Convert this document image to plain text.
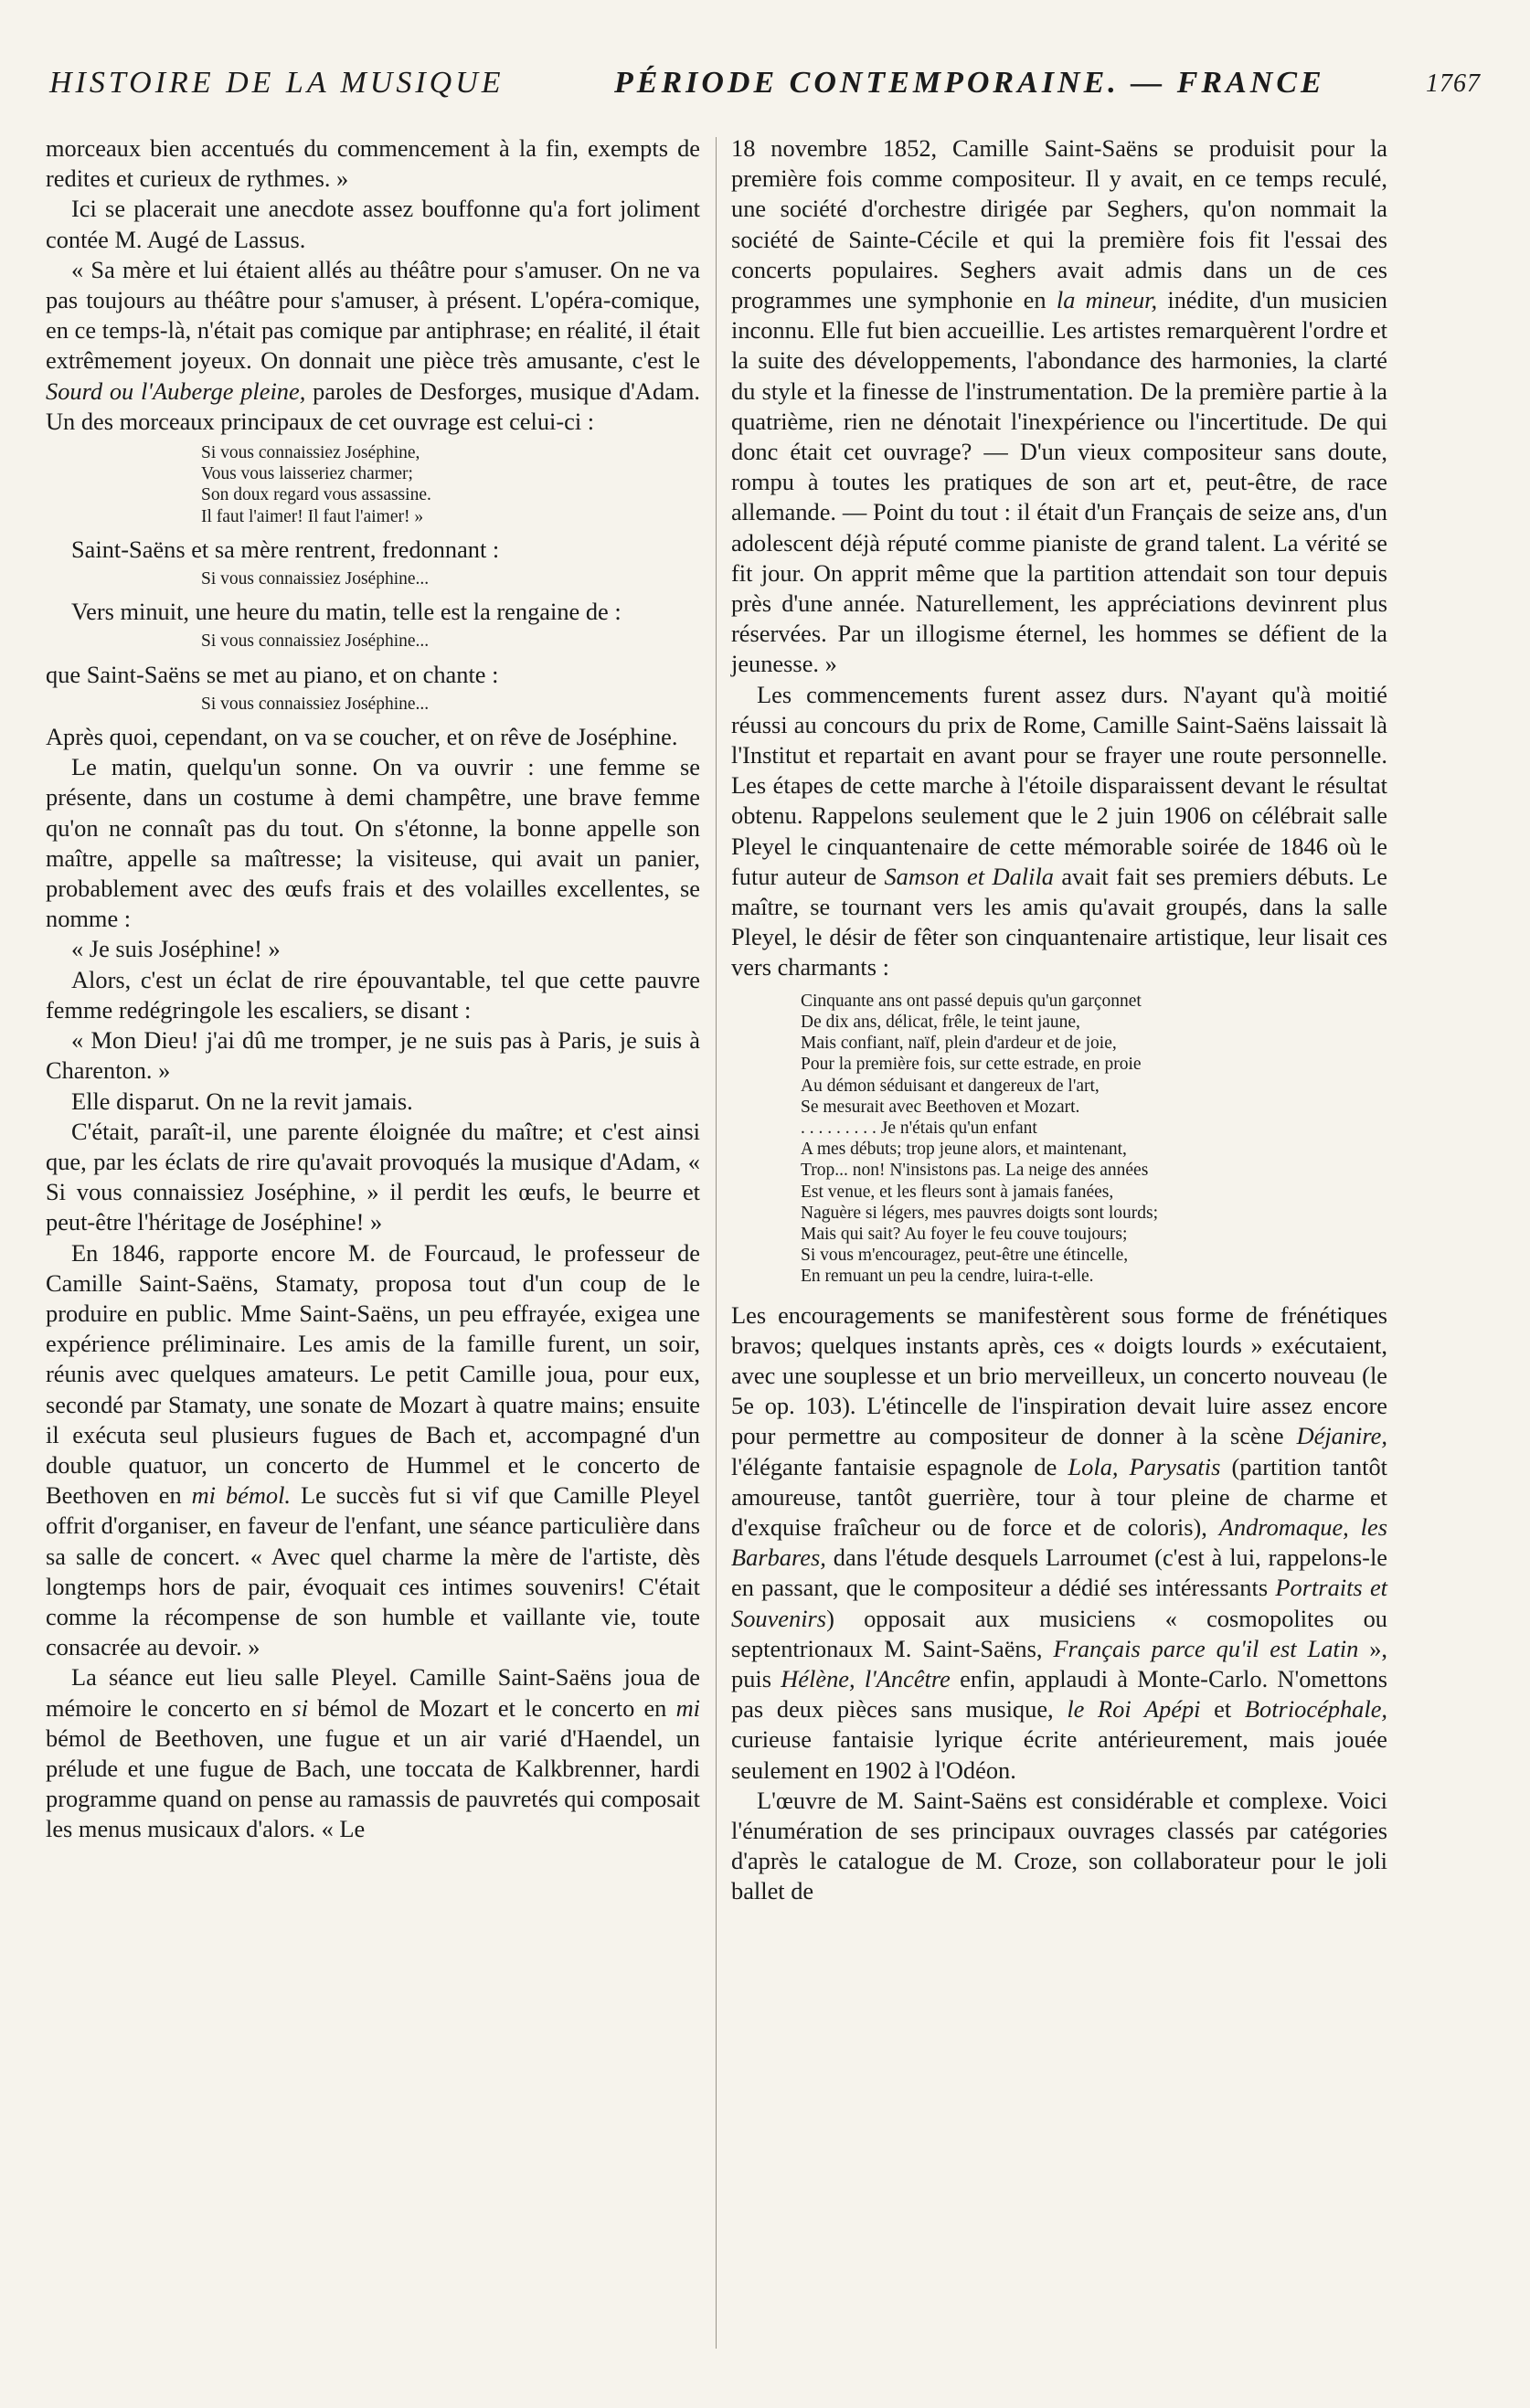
HISTOIRE DE LA MUSIQUE	PÉRIODE CONTEMPORAINE. — FRANCE	1767

morceaux bien accentués du commencement à la fin, exempts de redites et curieux de rythmes. »

Ici se placerait une anecdote assez bouffonne qu'a fort joliment contée M. Augé de Lassus.

« Sa mère et lui étaient allés au théâtre pour s'amuser. On ne va pas toujours au théâtre pour s'amuser, à présent. L'opéra-comique, en ce temps-là, n'était pas comique par antiphrase; en réalité, il était extrêmement joyeux. On donnait une pièce très amusante, c'est le Sourd ou l'Auberge pleine, paroles de Desforges, musique d'Adam. Un des morceaux principaux de cet ouvrage est celui-ci :

Si vous connaissiez Joséphine,
Vous vous laisseriez charmer;
Son doux regard vous assassine.
Il faut l'aimer! Il faut l'aimer! »

Saint-Saëns et sa mère rentrent, fredonnant :

Si vous connaissiez Joséphine...

Vers minuit, une heure du matin, telle est la rengaine de :

Si vous connaissiez Joséphine...

que Saint-Saëns se met au piano, et on chante :

Si vous connaissiez Joséphine...

Après quoi, cependant, on va se coucher, et on rêve de Joséphine.

Le matin, quelqu'un sonne. On va ouvrir : une femme se présente, dans un costume à demi champêtre, une brave femme qu'on ne connaît pas du tout. On s'étonne, la bonne appelle son maître, appelle sa maîtresse; la visiteuse, qui avait un panier, probablement avec des œufs frais et des volailles excellentes, se nomme :

« Je suis Joséphine! »

Alors, c'est un éclat de rire épouvantable, tel que cette pauvre femme redégringole les escaliers, se disant :

« Mon Dieu! j'ai dû me tromper, je ne suis pas à Paris, je suis à Charenton. »

Elle disparut. On ne la revit jamais.

C'était, paraît-il, une parente éloignée du maître; et c'est ainsi que, par les éclats de rire qu'avait provoqués la musique d'Adam, « Si vous connaissiez Joséphine, » il perdit les œufs, le beurre et peut-être l'héritage de Joséphine! »

En 1846, rapporte encore M. de Fourcaud, le professeur de Camille Saint-Saëns, Stamaty, proposa tout d'un coup de le produire en public. Mme Saint-Saëns, un peu effrayée, exigea une expérience préliminaire. Les amis de la famille furent, un soir, réunis avec quelques amateurs. Le petit Camille joua, pour eux, secondé par Stamaty, une sonate de Mozart à quatre mains; ensuite il exécuta seul plusieurs fugues de Bach et, accompagné d'un double quatuor, un concerto de Hummel et le concerto de Beethoven en mi bémol. Le succès fut si vif que Camille Pleyel offrit d'organiser, en faveur de l'enfant, une séance particulière dans sa salle de concert. « Avec quel charme la mère de l'artiste, dès longtemps hors de pair, évoquait ces intimes souvenirs! C'était comme la récompense de son humble et vaillante vie, toute consacrée au devoir. »

La séance eut lieu salle Pleyel. Camille Saint-Saëns joua de mémoire le concerto en si bémol de Mozart et le concerto en mi bémol de Beethoven, une fugue et un air varié d'Haendel, un prélude et une fugue de Bach, une toccata de Kalkbrenner, hardi programme quand on pense au ramassis de pauvretés qui composait les menus musicaux d'alors. « Le

18 novembre 1852, Camille Saint-Saëns se produisit pour la première fois comme compositeur. Il y avait, en ce temps reculé, une société d'orchestre dirigée par Seghers, qu'on nommait la société de Sainte-Cécile et qui la première fois fit l'essai des concerts populaires. Seghers avait admis dans un de ces programmes une symphonie en la mineur, inédite, d'un musicien inconnu. Elle fut bien accueillie. Les artistes remarquèrent l'ordre et la suite des développements, l'abondance des harmonies, la clarté du style et la finesse de l'instrumentation. De la première partie à la quatrième, rien ne dénotait l'inexpérience ou l'incertitude. De qui donc était cet ouvrage? — D'un vieux compositeur sans doute, rompu à toutes les pratiques de son art et, peut-être, de race allemande. — Point du tout : il était d'un Français de seize ans, d'un adolescent déjà réputé comme pianiste de grand talent. La vérité se fit jour. On apprit même que la partition attendait son tour depuis près d'une année. Naturellement, les appréciations devinrent plus réservées. Par un illogisme éternel, les hommes se défient de la jeunesse. »

Les commencements furent assez durs. N'ayant qu'à moitié réussi au concours du prix de Rome, Camille Saint-Saëns laissait là l'Institut et repartait en avant pour se frayer une route personnelle. Les étapes de cette marche à l'étoile disparaissent devant le résultat obtenu. Rappelons seulement que le 2 juin 1906 on célébrait salle Pleyel le cinquantenaire de cette mémorable soirée de 1846 où le futur auteur de Samson et Dalila avait fait ses premiers débuts. Le maître, se tournant vers les amis qu'avait groupés, dans la salle Pleyel, le désir de fêter son cinquantenaire artistique, leur lisait ces vers charmants :

Cinquante ans ont passé depuis qu'un garçonnet
De dix ans, délicat, frêle, le teint jaune,
Mais confiant, naïf, plein d'ardeur et de joie,
Pour la première fois, sur cette estrade, en proie
Au démon séduisant et dangereux de l'art,
Se mesurait avec Beethoven et Mozart.
. . . . . . . . . Je n'étais qu'un enfant
A mes débuts; trop jeune alors, et maintenant,
Trop... non! N'insistons pas. La neige des années
Est venue, et les fleurs sont à jamais fanées,
Naguère si légers, mes pauvres doigts sont lourds;
Mais qui sait? Au foyer le feu couve toujours;
Si vous m'encouragez, peut-être une étincelle,
En remuant un peu la cendre, luira-t-elle.

Les encouragements se manifestèrent sous forme de frénétiques bravos; quelques instants après, ces « doigts lourds » exécutaient, avec une souplesse et un brio merveilleux, un concerto nouveau (le 5e op. 103). L'étincelle de l'inspiration devait luire assez encore pour permettre au compositeur de donner à la scène Déjanire, l'élégante fantaisie espagnole de Lola, Parysatis (partition tantôt amoureuse, tantôt guerrière, tour à tour pleine de charme et d'exquise fraîcheur ou de force et de coloris), Andromaque, les Barbares, dans l'étude desquels Larroumet (c'est à lui, rappelons-le en passant, que le compositeur a dédié ses intéressants Portraits et Souvenirs) opposait aux musiciens « cosmopolites ou septentrionaux M. Saint-Saëns, Français parce qu'il est Latin », puis Hélène, l'Ancêtre enfin, applaudi à Monte-Carlo. N'omettons pas deux pièces sans musique, le Roi Apépi et Botriocéphale, curieuse fantaisie lyrique écrite antérieurement, mais jouée seulement en 1902 à l'Odéon.

L'œuvre de M. Saint-Saëns est considérable et complexe. Voici l'énumération de ses principaux ouvrages classés par catégories d'après le catalogue de M. Croze, son collaborateur pour le joli ballet de
